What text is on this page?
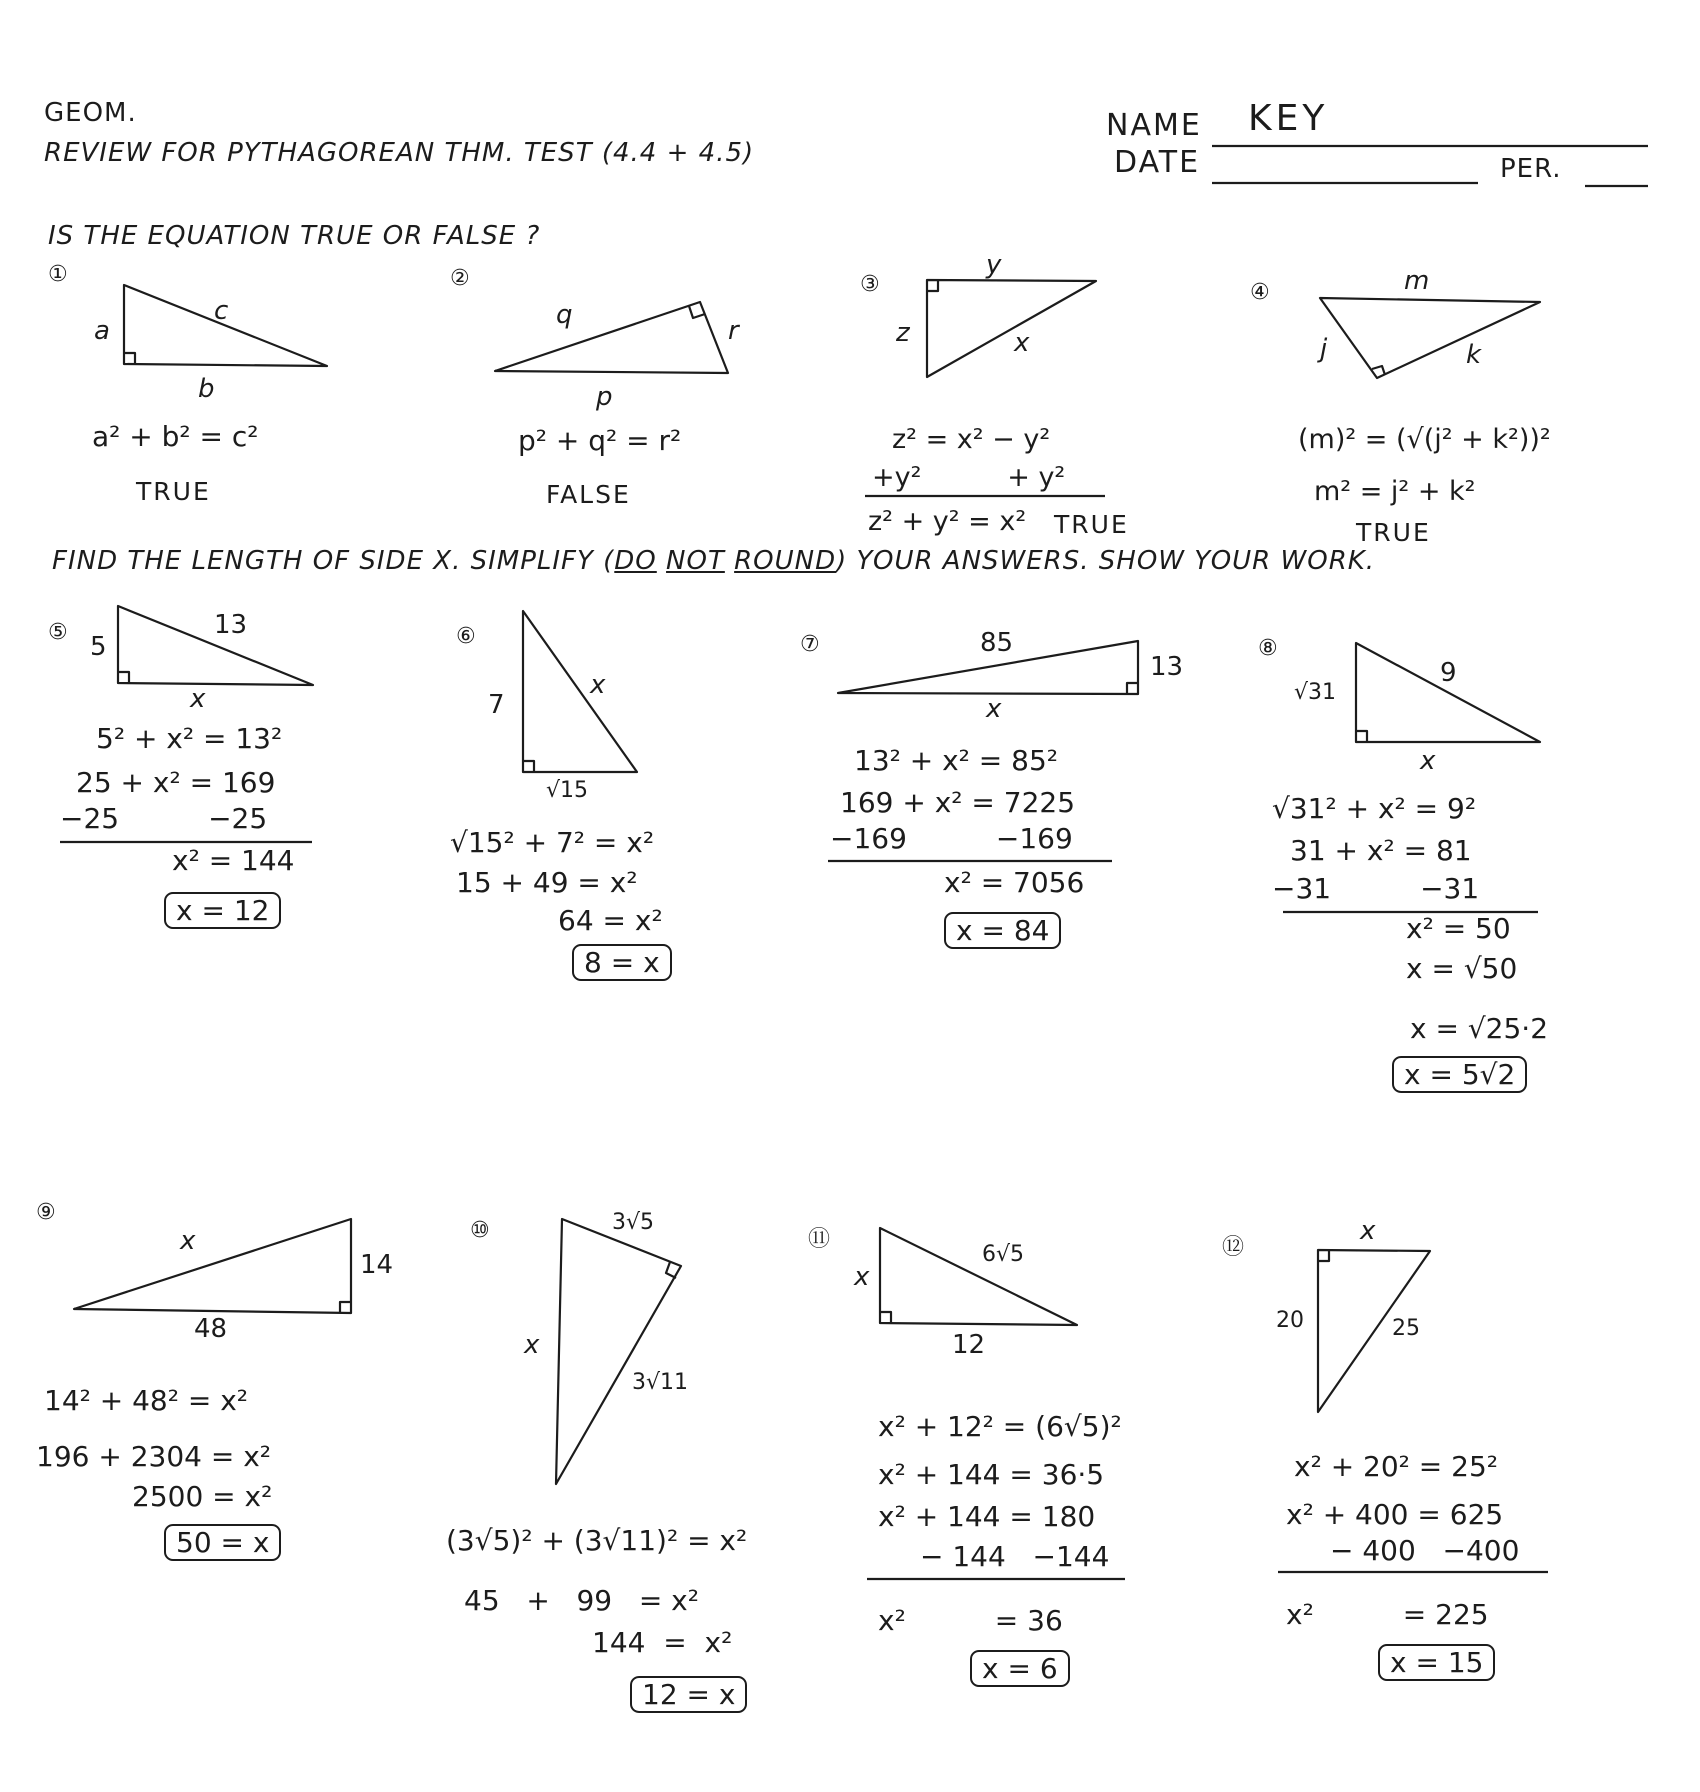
GEOM.
REVIEW FOR PYTHAGOREAN THM. TEST (4.4 + 4.5)
NAME KEY
DATE	PER.
IS THE EQUATION TRUE OR FALSE ?
①
a
c
b
a² + b² = c²
TRUE
②
q
r
p
p² + q² = r²
FALSE
③
y
z	x
z² = x² − y²
+y²          + y²
z² + y² = x² TRUE
④	m
j	k
(m)² = (√(j² + k²))²
m² = j² + k²
TRUE
FIND THE LENGTH OF SIDE X. SIMPLIFY (DO NOT ROUND) YOUR ANSWERS. SHOW YOUR WORK.
⑤ 5
13
x
5² + x² = 13²
25 + x² = 169
−25          −25
x² = 144
x = 12
⑥
7
x
√15
√15² + 7² = x²
15 + 49 = x²
64 = x²
8 = x
⑦	85
13
x
13² + x² = 85²
169 + x² = 7225
−169          −169
x² = 7056
x = 84
⑧
√31
9
x
√31² + x² = 9²
31 + x² = 81
−31          −31
x² = 50
x = √50
x = √25·2
x = 5√2
⑨
x
14
48
14² + 48² = x²
196 + 2304 = x²
2500 = x²
50 = x
⑩	3√5
x
3√11
(3√5)² + (3√11)² = x²
45   +   99   = x²
144  =  x²
12 = x
⑪
x
6√5
12
x² + 12² = (6√5)²
x² + 144 = 36·5
x² + 144 = 180
− 144   −144
x²          = 36
x = 6
⑫
x
20	25
x² + 20² = 25²
x² + 400 = 625
− 400   −400
x²          = 225
x = 15
